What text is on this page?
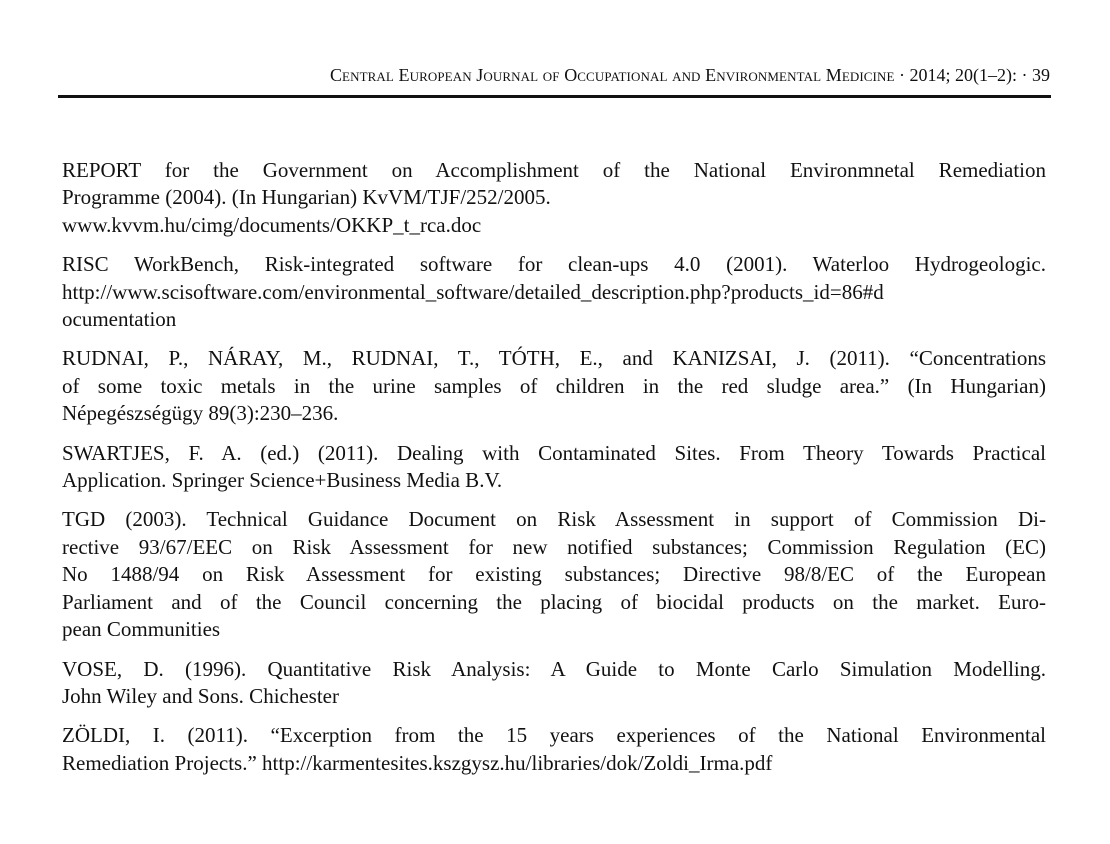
Central European Journal of Occupational and Environmental Medicine · 2014; 20(1–2): · 39
REPORT for the Government on Accomplishment of the National Environmnetal Remediation
Programme (2004). (In Hungarian) KvVM/TJF/252/2005.
www.kvvm.hu/cimg/documents/OKKP_t_rca.doc
RISC WorkBench, Risk-integrated software for clean-ups 4.0 (2001). Waterloo Hydrogeologic.
http://www.scisoftware.com/environmental_software/detailed_description.php?products_id=86#d
ocumentation
RUDNAI, P., NÁRAY, M., RUDNAI, T., TÓTH, E., and KANIZSAI, J. (2011). “Concentrations
of some toxic metals in the urine samples of children in the red sludge area.” (In Hungarian)
Népegészségügy 89(3):230–236.
SWARTJES, F. A. (ed.) (2011). Dealing with Contaminated Sites. From Theory Towards Practical
Application. Springer Science+Business Media B.V.
TGD (2003). Technical Guidance Document on Risk Assessment in support of Commission Di-
rective 93/67/EEC on Risk Assessment for new notified substances; Commission Regulation (EC)
No 1488/94 on Risk Assessment for existing substances; Directive 98/8/EC of the European
Parliament and of the Council concerning the placing of biocidal products on the market. Euro-
pean Communities
VOSE, D. (1996). Quantitative Risk Analysis: A Guide to Monte Carlo Simulation Modelling.
John Wiley and Sons. Chichester
ZÖLDI, I. (2011). “Excerption from the 15 years experiences of the National Environmental
Remediation Projects.” http://karmentesites.kszgysz.hu/libraries/dok/Zoldi_Irma.pdf
